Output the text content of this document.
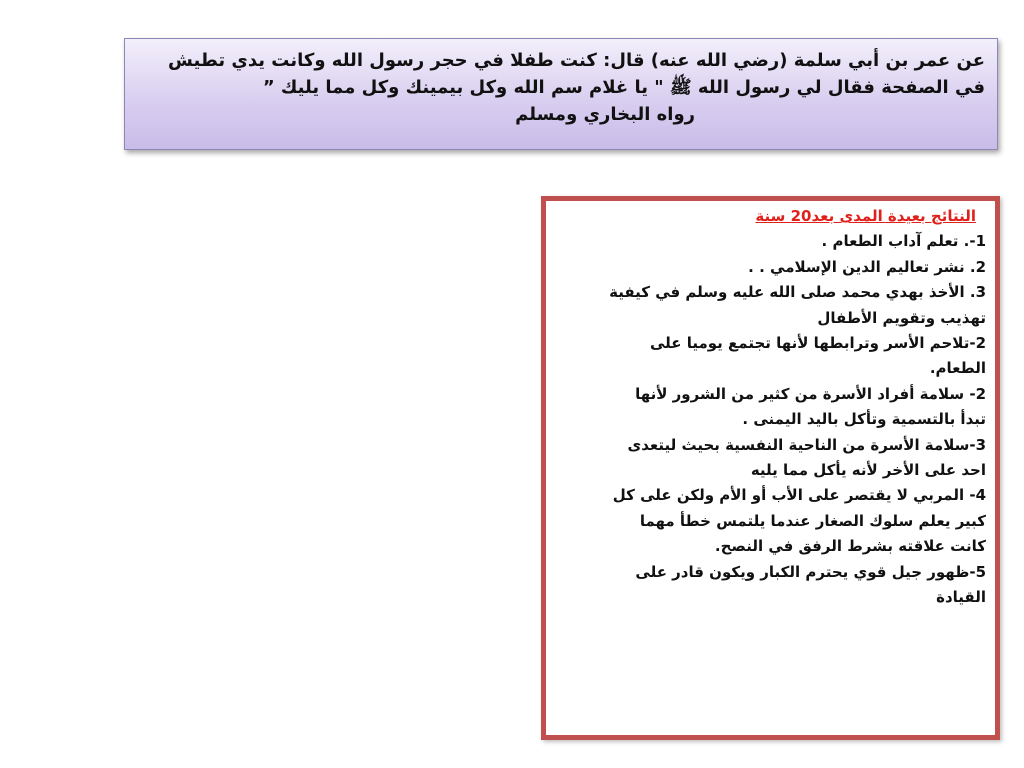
عن عمر بن أبي سلمة (رضي الله عنه) قال: كنت طفلا في حجر رسول الله وكانت يدي تطيش
في الصفحة فقال لي رسول الله ﷺ " يا غلام سم الله وكل بيمينك وكل مما يليك ”
رواه البخاري ومسلم
النتائج بعيدة المدى بعد20 سنة
1-. تعلم آداب الطعام .
2. نشر تعاليم الدين الإسلامي . .
3. الأخذ بهدي محمد صلى الله عليه وسلم في كيفية
تهذيب وتقويم الأطفال
2-تلاحم الأسر وترابطها لأنها تجتمع يوميا على
الطعام.
2- سلامة أفراد الأسرة من كثير من الشرور لأنها
تبدأ بالتسمية وتأكل باليد اليمنى .
3-سلامة الأسرة من الناحية النفسية بحيث ليتعدى
احد على الأخر لأنه يأكل مما يليه
4- المربي لا يقتصر على الأب أو الأم ولكن على كل
كبير يعلم سلوك الصغار عندما يلتمس خطأ مهما
كانت علاقته بشرط الرفق في النصح.
5-ظهور جيل قوي يحترم الكبار ويكون قادر على
القيادة
